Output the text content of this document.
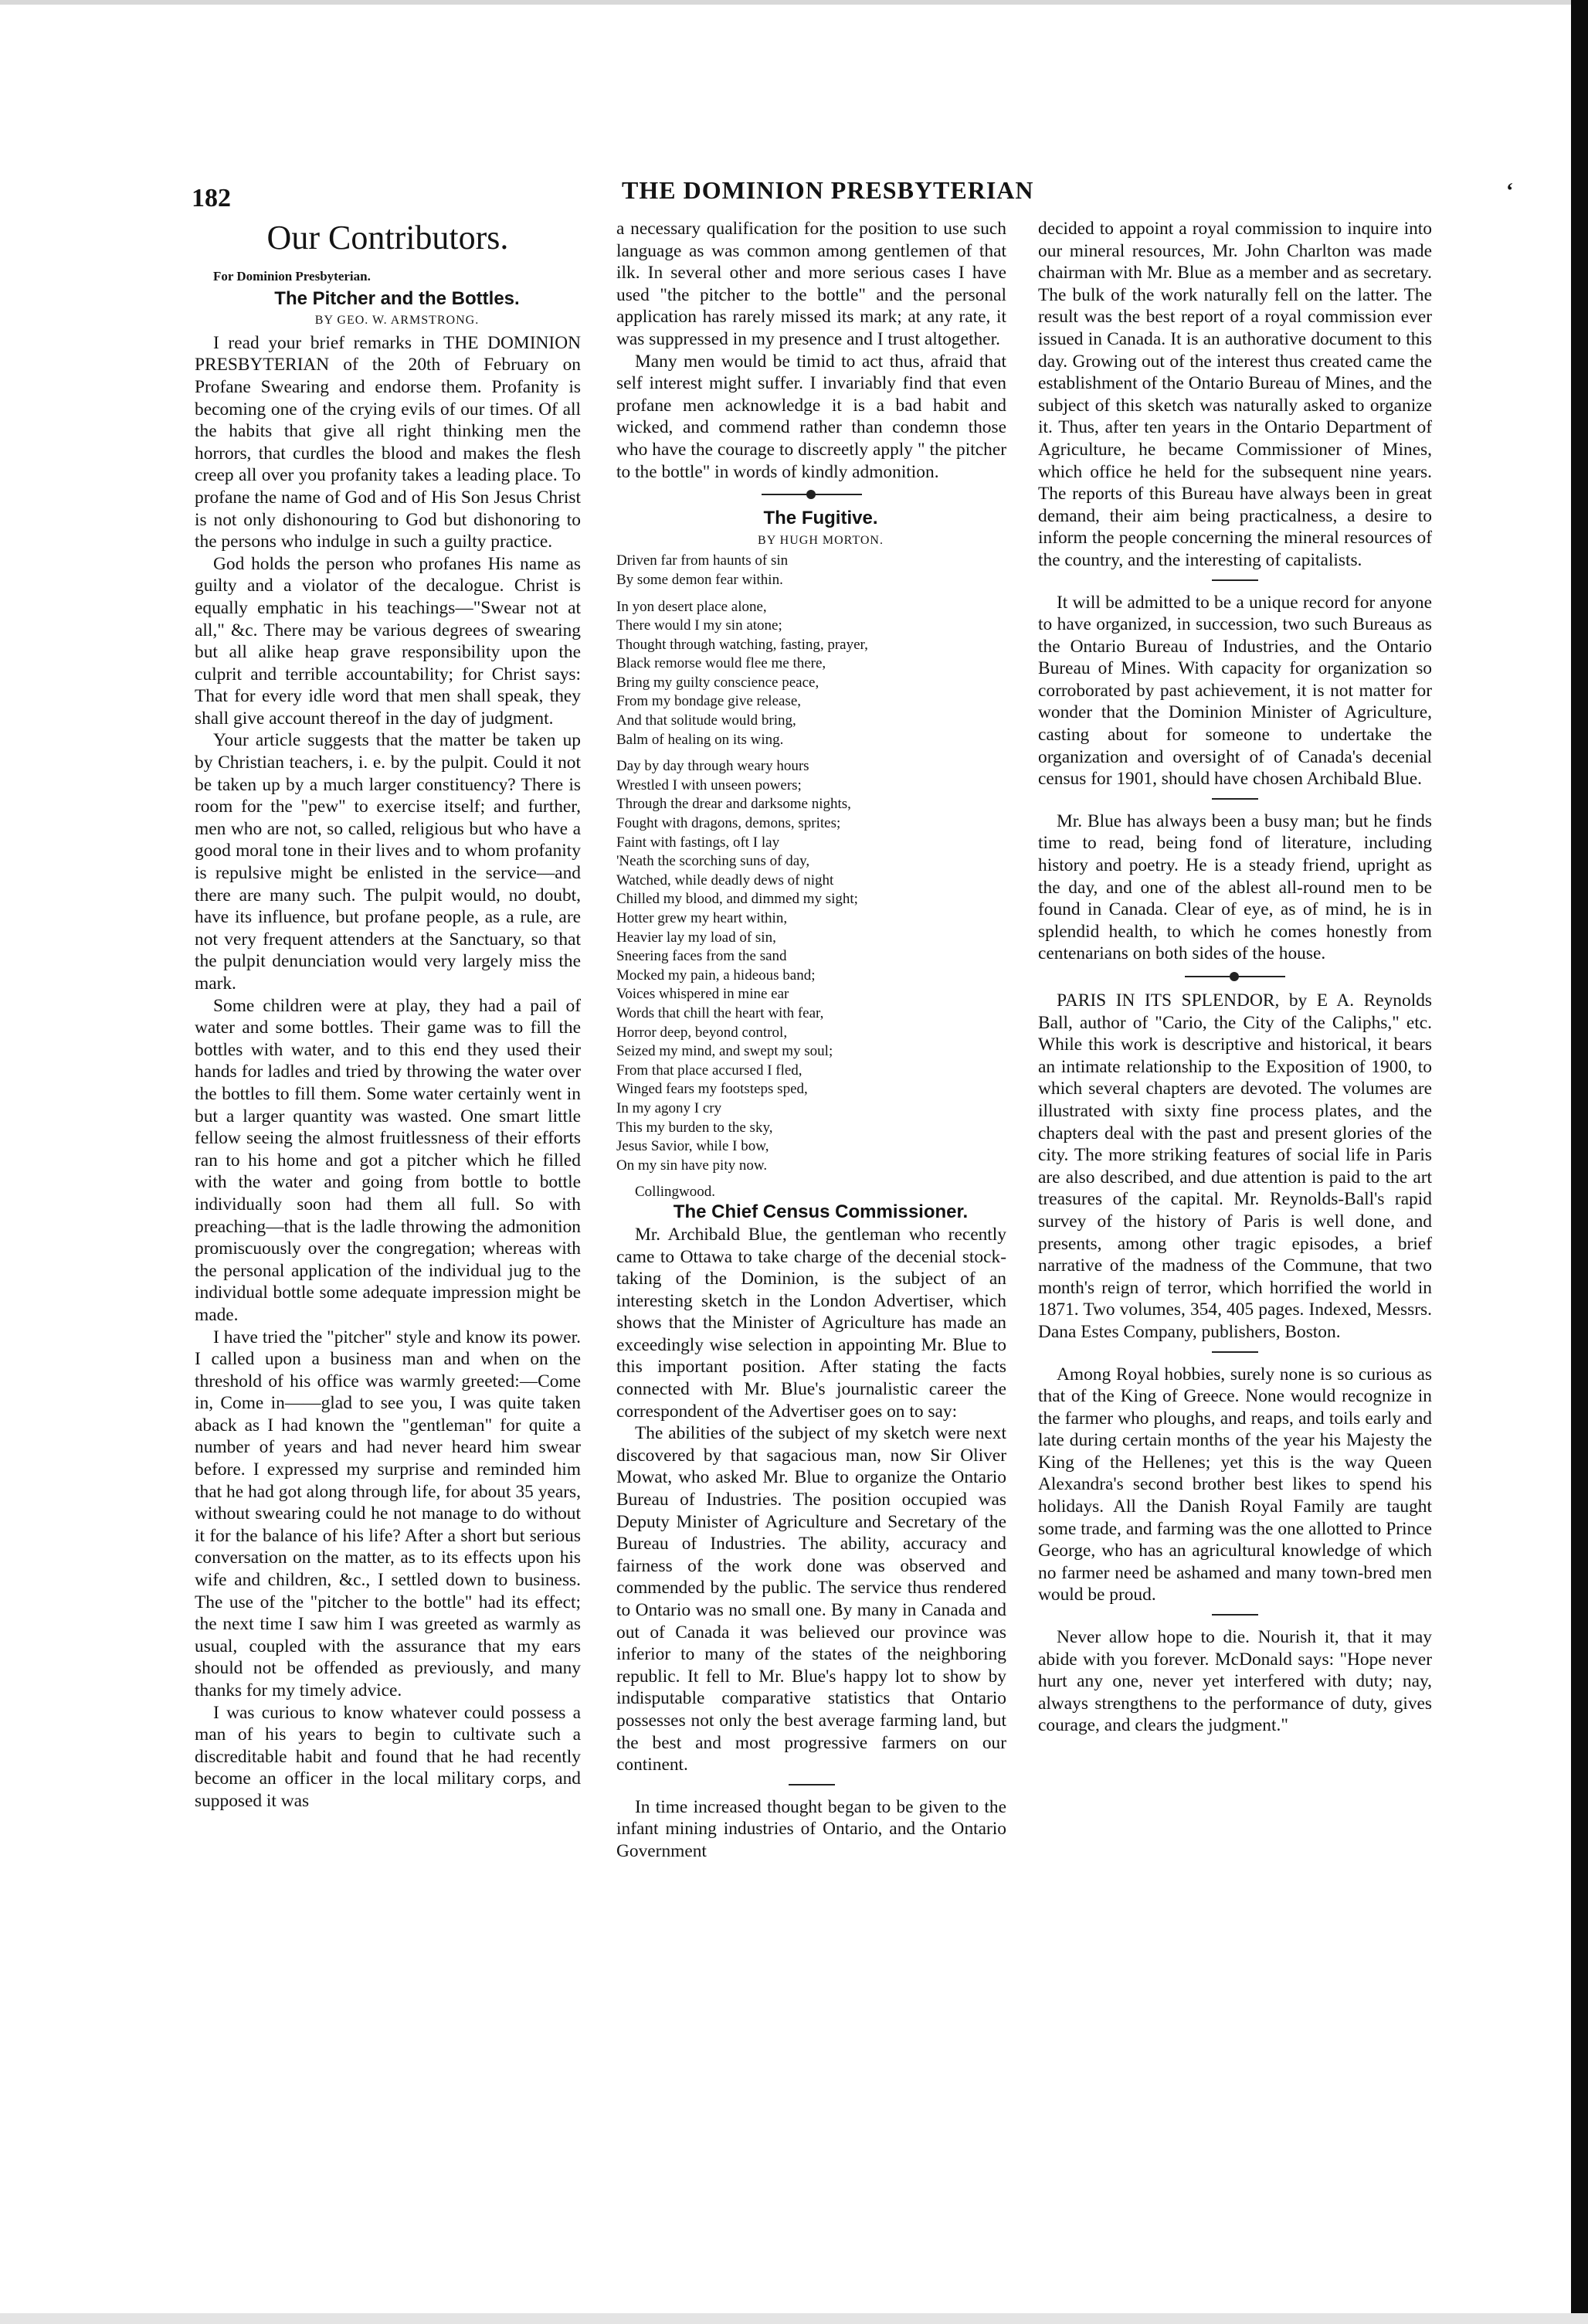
182	THE DOMINION PRESBYTERIAN	‘
Our Contributors.

For Dominion Presbyterian.

The Pitcher and the Bottles.

BY GEO. W. ARMSTRONG.

I read your brief remarks in THE DOMINION PRESBYTERIAN of the 20th of February on Profane Swearing and endorse them. Profanity is becoming one of the crying evils of our times. Of all the habits that give all right thinking men the horrors, that curdles the blood and makes the flesh creep all over you profanity takes a leading place. To profane the name of God and of His Son Jesus Christ is not only dishonouring to God but dishonoring to the persons who indulge in such a guilty practice.

God holds the person who profanes His name as guilty and a violator of the decalogue. Christ is equally emphatic in his teachings—"Swear not at all," &c. There may be various degrees of swearing but all alike heap grave responsibility upon the culprit and terrible accountability; for Christ says: That for every idle word that men shall speak, they shall give account thereof in the day of judgment.

Your article suggests that the matter be taken up by Christian teachers, i. e. by the pulpit. Could it not be taken up by a much larger constituency? There is room for the "pew" to exercise itself; and further, men who are not, so called, religious but who have a good moral tone in their lives and to whom profanity is repulsive might be enlisted in the service—and there are many such. The pulpit would, no doubt, have its influence, but profane people, as a rule, are not very frequent attenders at the Sanctuary, so that the pulpit denunciation would very largely miss the mark.

Some children were at play, they had a pail of water and some bottles. Their game was to fill the bottles with water, and to this end they used their hands for ladles and tried by throwing the water over the bottles to fill them. Some water certainly went in but a larger quantity was wasted. One smart little fellow seeing the almost fruitlessness of their efforts ran to his home and got a pitcher which he filled with the water and going from bottle to bottle individually soon had them all full. So with preaching—that is the ladle throwing the admonition promiscuously over the congregation; whereas with the personal application of the individual jug to the individual bottle some adequate impression might be made.

I have tried the "pitcher" style and know its power. I called upon a business man and when on the threshold of his office was warmly greeted:—Come in, Come in——glad to see you, I was quite taken aback as I had known the "gentleman" for quite a number of years and had never heard him swear before. I expressed my surprise and reminded him that he had got along through life, for about 35 years, without swearing could he not manage to do without it for the balance of his life? After a short but serious conversation on the matter, as to its effects upon his wife and children, &c., I settled down to business. The use of the "pitcher to the bottle" had its effect; the next time I saw him I was greeted as warmly as usual, coupled with the assurance that my ears should not be offended as previously, and many thanks for my timely advice.

I was curious to know whatever could possess a man of his years to begin to cultivate such a discreditable habit and found that he had recently become an officer in the local military corps, and supposed it was

a necessary qualification for the position to use such language as was common among gentlemen of that ilk. In several other and more serious cases I have used "the pitcher to the bottle" and the personal application has rarely missed its mark; at any rate, it was suppressed in my presence and I trust altogether.

Many men would be timid to act thus, afraid that self interest might suffer. I invariably find that even profane men acknowledge it is a bad habit and wicked, and commend rather than condemn those who have the courage to discreetly apply " the pitcher to the bottle" in words of kindly admonition.

The Fugitive.

BY HUGH MORTON.

Driven far from haunts of sin
By some demon fear within.
In yon desert place alone,
There would I my sin atone;
Thought through watching, fasting, prayer,
Black remorse would flee me there,
Bring my guilty conscience peace,
From my bondage give release,
And that solitude would bring,
Balm of healing on its wing.
Day by day through weary hours
Wrestled I with unseen powers;
Through the drear and darksome nights,
Fought with dragons, demons, sprites;
Faint with fastings, oft I lay
'Neath the scorching suns of day,
Watched, while deadly dews of night
Chilled my blood, and dimmed my sight;
Hotter grew my heart within,
Heavier lay my load of sin,
Sneering faces from the sand
Mocked my pain, a hideous band;
Voices whispered in mine ear
Words that chill the heart with fear,
Horror deep, beyond control,
Seized my mind, and swept my soul;
From that place accursed I fled,
Winged fears my footsteps sped,
In my agony I cry
This my burden to the sky,
Jesus Savior, while I bow,
On my sin have pity now.

Collingwood.

The Chief Census Commissioner.

Mr. Archibald Blue, the gentleman who recently came to Ottawa to take charge of the decenial stock-taking of the Dominion, is the subject of an interesting sketch in the London Advertiser, which shows that the Minister of Agriculture has made an exceedingly wise selection in appointing Mr. Blue to this important position. After stating the facts connected with Mr. Blue's journalistic career the correspondent of the Advertiser goes on to say:

The abilities of the subject of my sketch were next discovered by that sagacious man, now Sir Oliver Mowat, who asked Mr. Blue to organize the Ontario Bureau of Industries. The position occupied was Deputy Minister of Agriculture and Secretary of the Bureau of Industries. The ability, accuracy and fairness of the work done was observed and commended by the public. The service thus rendered to Ontario was no small one. By many in Canada and out of Canada it was believed our province was inferior to many of the states of the neighboring republic. It fell to Mr. Blue's happy lot to show by indisputable comparative statistics that Ontario possesses not only the best average farming land, but the best and most progressive farmers on our continent.

In time increased thought began to be given to the infant mining industries of Ontario, and the Ontario Government

decided to appoint a royal commission to inquire into our mineral resources, Mr. John Charlton was made chairman with Mr. Blue as a member and as secretary. The bulk of the work naturally fell on the latter. The result was the best report of a royal commission ever issued in Canada. It is an authorative document to this day. Growing out of the interest thus created came the establishment of the Ontario Bureau of Mines, and the subject of this sketch was naturally asked to organize it. Thus, after ten years in the Ontario Department of Agriculture, he became Commissioner of Mines, which office he held for the subsequent nine years. The reports of this Bureau have always been in great demand, their aim being practicalness, a desire to inform the people concerning the mineral resources of the country, and the interesting of capitalists.

It will be admitted to be a unique record for anyone to have organized, in succession, two such Bureaus as the Ontario Bureau of Industries, and the Ontario Bureau of Mines. With capacity for organization so corroborated by past achievement, it is not matter for wonder that the Dominion Minister of Agriculture, casting about for someone to undertake the organization and oversight of of Canada's decenial census for 1901, should have chosen Archibald Blue.

Mr. Blue has always been a busy man; but he finds time to read, being fond of literature, including history and poetry. He is a steady friend, upright as the day, and one of the ablest all-round men to be found in Canada. Clear of eye, as of mind, he is in splendid health, to which he comes honestly from centenarians on both sides of the house.

PARIS IN ITS SPLENDOR, by E A. Reynolds Ball, author of "Cario, the City of the Caliphs," etc. While this work is descriptive and historical, it bears an intimate relationship to the Exposition of 1900, to which several chapters are devoted. The volumes are illustrated with sixty fine process plates, and the chapters deal with the past and present glories of the city. The more striking features of social life in Paris are also described, and due attention is paid to the art treasures of the capital. Mr. Reynolds-Ball's rapid survey of the history of Paris is well done, and presents, among other tragic episodes, a brief narrative of the madness of the Commune, that two month's reign of terror, which horrified the world in 1871. Two volumes, 354, 405 pages. Indexed, Messrs. Dana Estes Company, publishers, Boston.

Among Royal hobbies, surely none is so curious as that of the King of Greece. None would recognize in the farmer who ploughs, and reaps, and toils early and late during certain months of the year his Majesty the King of the Hellenes; yet this is the way Queen Alexandra's second brother best likes to spend his holidays. All the Danish Royal Family are taught some trade, and farming was the one allotted to Prince George, who has an agricultural knowledge of which no farmer need be ashamed and many town-bred men would be proud.

Never allow hope to die. Nourish it, that it may abide with you forever. McDonald says: "Hope never hurt any one, never yet interfered with duty; nay, always strengthens to the performance of duty, gives courage, and clears the judgment."
